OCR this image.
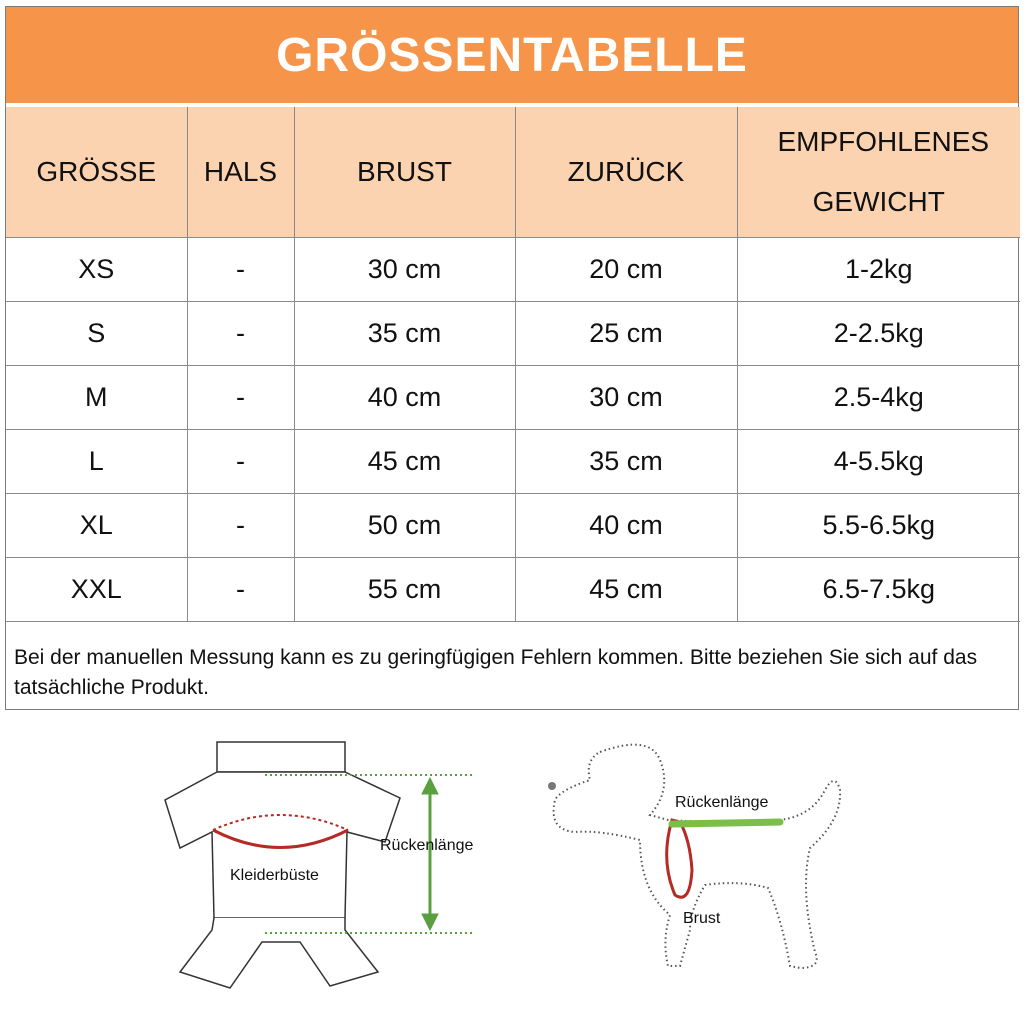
GRÖSSENTABELLE
GRÖSSE	HALS	BRUST	ZURÜCK	EMPFOHLENES GEWICHT
XS	-	30 cm	20 cm	1-2kg
S	-	35 cm	25 cm	2-2.5kg
M	-	40 cm	30 cm	2.5-4kg
L	-	45 cm	35 cm	4-5.5kg
XL	-	50 cm	40 cm	5.5-6.5kg
XXL	-	55 cm	45 cm	6.5-7.5kg
Bei der manuellen Messung kann es zu geringfügigen Fehlern kommen. Bitte beziehen Sie sich auf das tatsächliche Produkt.
Kleiderbüste
Rückenlänge
Rückenlänge
Brust
